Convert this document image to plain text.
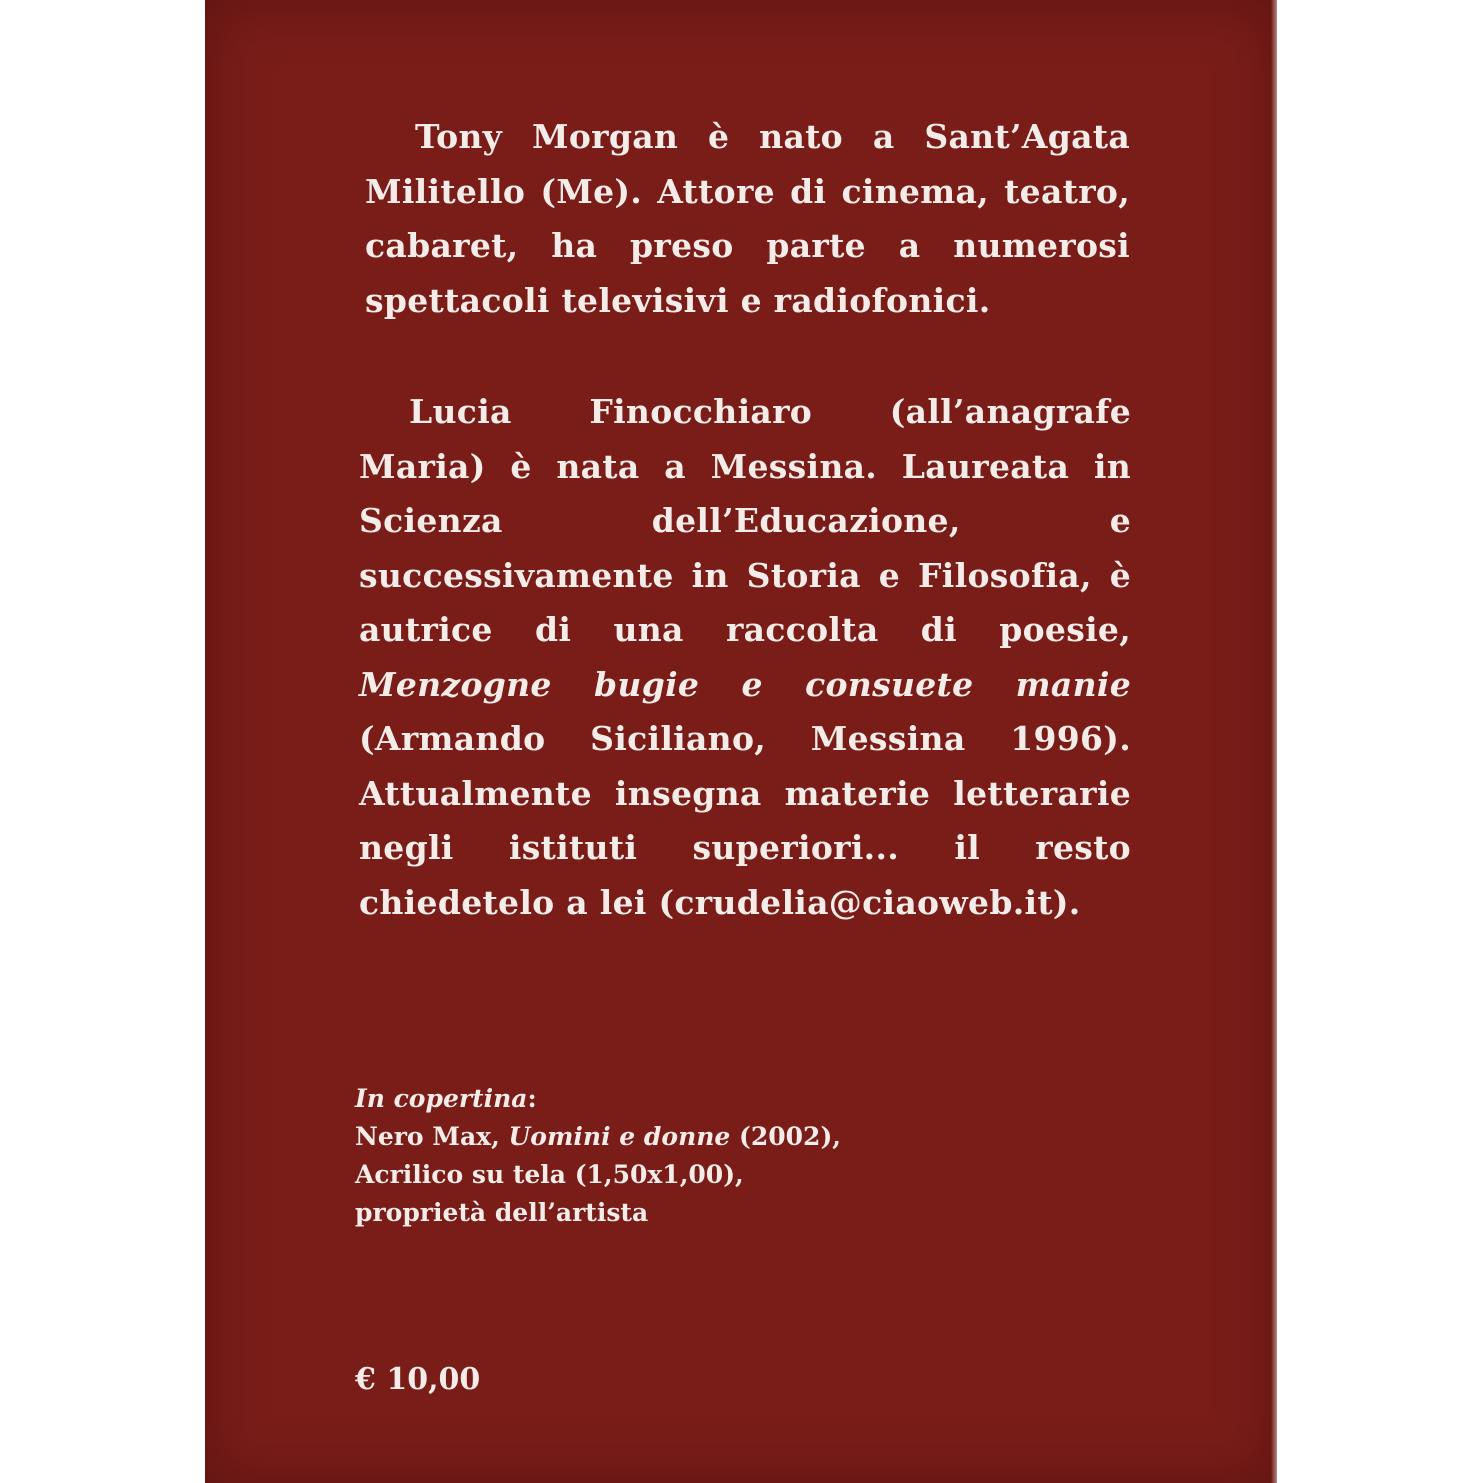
Tony Morgan è nato a Sant’Agata Militello (Me). Attore di cinema, teatro, cabaret, ha preso parte a numerosi spettacoli televisivi e radiofonici.

Lucia Finocchiaro (all’anagrafe Maria) è nata a Messina. Laureata in Scienza dell’Educazione, e successivamente in Storia e Filosofia, è autrice di una raccolta di poesie, Menzogne bugie e consuete manie (Armando Siciliano, Messina 1996). Attualmente insegna materie letterarie negli istituti superiori... il resto chiedetelo a lei (crudelia@ciaoweb.it).

In copertina:
Nero Max, Uomini e donne (2002),
Acrilico su tela (1,50x1,00),
proprietà dell’artista
€ 10,00
